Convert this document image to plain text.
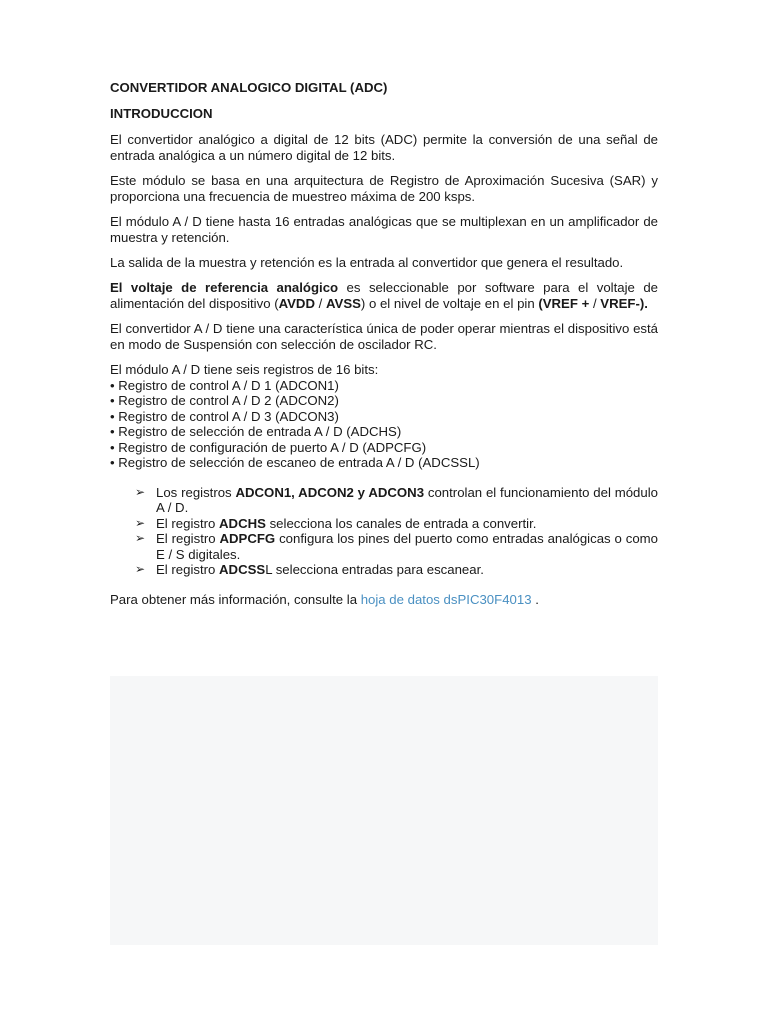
CONVERTIDOR ANALOGICO DIGITAL (ADC)

INTRODUCCION

El convertidor analógico a digital de 12 bits (ADC) permite la conversión de una señal de entrada analógica a un número digital de 12 bits.

Este módulo se basa en una arquitectura de Registro de Aproximación Sucesiva (SAR) y proporciona una frecuencia de muestreo máxima de 200 ksps.

El módulo A / D tiene hasta 16 entradas analógicas que se multiplexan en un amplificador de muestra y retención.

La salida de la muestra y retención es la entrada al convertidor que genera el resultado.

El voltaje de referencia analógico es seleccionable por software para el voltaje de alimentación del dispositivo (AVDD / AVSS) o el nivel de voltaje en el pin (VREF + / VREF-).

El convertidor A / D tiene una característica única de poder operar mientras el dispositivo está en modo de Suspensión con selección de oscilador RC.

El módulo A / D tiene seis registros de 16 bits:
• Registro de control A / D 1 (ADCON1)
• Registro de control A / D 2 (ADCON2)
• Registro de control A / D 3 (ADCON3)
• Registro de selección de entrada A / D (ADCHS)
• Registro de configuración de puerto A / D (ADPCFG)
• Registro de selección de escaneo de entrada A / D (ADCSSL)
➢ Los registros ADCON1, ADCON2 y ADCON3 controlan el funcionamiento del módulo A / D.
➢ El registro ADCHS selecciona los canales de entrada a convertir.
➢ El registro ADPCFG configura los pines del puerto como entradas analógicas o como E / S digitales.
➢ El registro ADCSSL selecciona entradas para escanear.

Para obtener más información, consulte la hoja de datos dsPIC30F4013 .
